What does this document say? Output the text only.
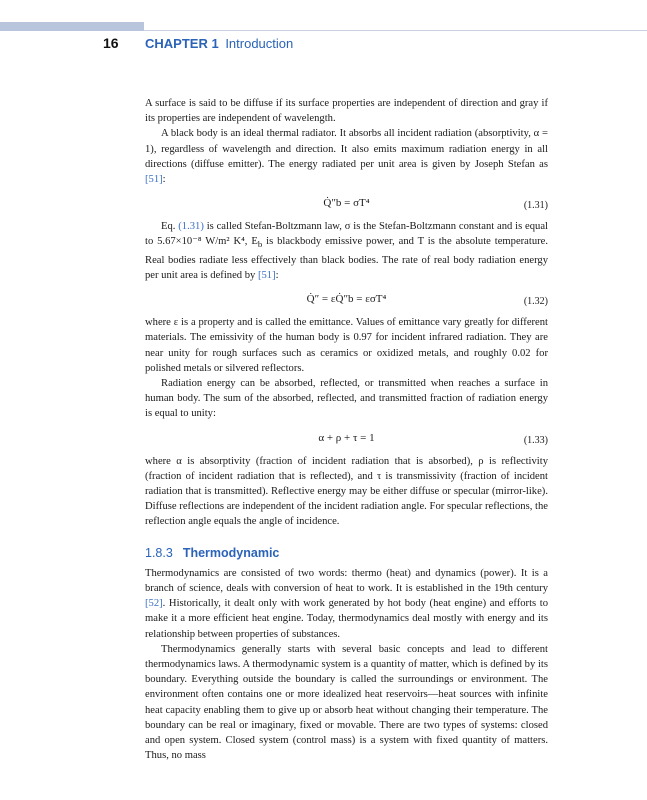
16 CHAPTER 1 Introduction

A surface is said to be diffuse if its surface properties are independent of direction and gray if its properties are independent of wavelength.

A black body is an ideal thermal radiator. It absorbs all incident radiation (absorptivity, α = 1), regardless of wavelength and direction. It also emits maximum radiation energy in all directions (diffuse emitter). The energy radiated per unit area is given by Joseph Stefan as [51]:

Q̇″b = σT⁴	(1.31)

Eq. (1.31) is called Stefan-Boltzmann law, σ is the Stefan-Boltzmann constant and is equal to 5.67×10⁻⁸ W/m² K⁴, $E_b$ is blackbody emissive power, and T is the absolute temperature. Real bodies radiate less effectively than black bodies. The rate of real body radiation energy per unit area is defined by [51]:

Q̇″ = εQ̇″b = εσT⁴	(1.32)

where ε is a property and is called the emittance. Values of emittance vary greatly for different materials. The emissivity of the human body is 0.97 for incident infrared radiation. They are near unity for rough surfaces such as ceramics or oxidized metals, and roughly 0.02 for polished metals or silvered reflectors.

Radiation energy can be absorbed, reflected, or transmitted when reaches a surface in human body. The sum of the absorbed, reflected, and transmitted fraction of radiation energy is equal to unity:

α + ρ + τ = 1	(1.33)

where α is absorptivity (fraction of incident radiation that is absorbed), ρ is reflectivity (fraction of incident radiation that is reflected), and τ is transmissivity (fraction of incident radiation that is transmitted). Reflective energy may be either diffuse or specular (mirror-like). Diffuse reflections are independent of the incident radiation angle. For specular reflections, the reflection angle equals the angle of incidence.

1.8.3 Thermodynamic

Thermodynamics are consisted of two words: thermo (heat) and dynamics (power). It is a branch of science, deals with conversion of heat to work. It is established in the 19th century [52]. Historically, it dealt only with work generated by hot body (heat engine) and efforts to make it a more efficient heat engine. Today, thermodynamics deal mostly with energy and its relationship between properties of substances.

Thermodynamics generally starts with several basic concepts and lead to different thermodynamics laws. A thermodynamic system is a quantity of matter, which is defined by its boundary. Everything outside the boundary is called the surroundings or environment. The environment often contains one or more idealized heat reservoirs—heat sources with infinite heat capacity enabling them to give up or absorb heat without changing their temperature. The boundary can be real or imaginary, fixed or movable. There are two types of systems: closed and open system. Closed system (control mass) is a system with fixed quantity of matters. Thus, no mass
